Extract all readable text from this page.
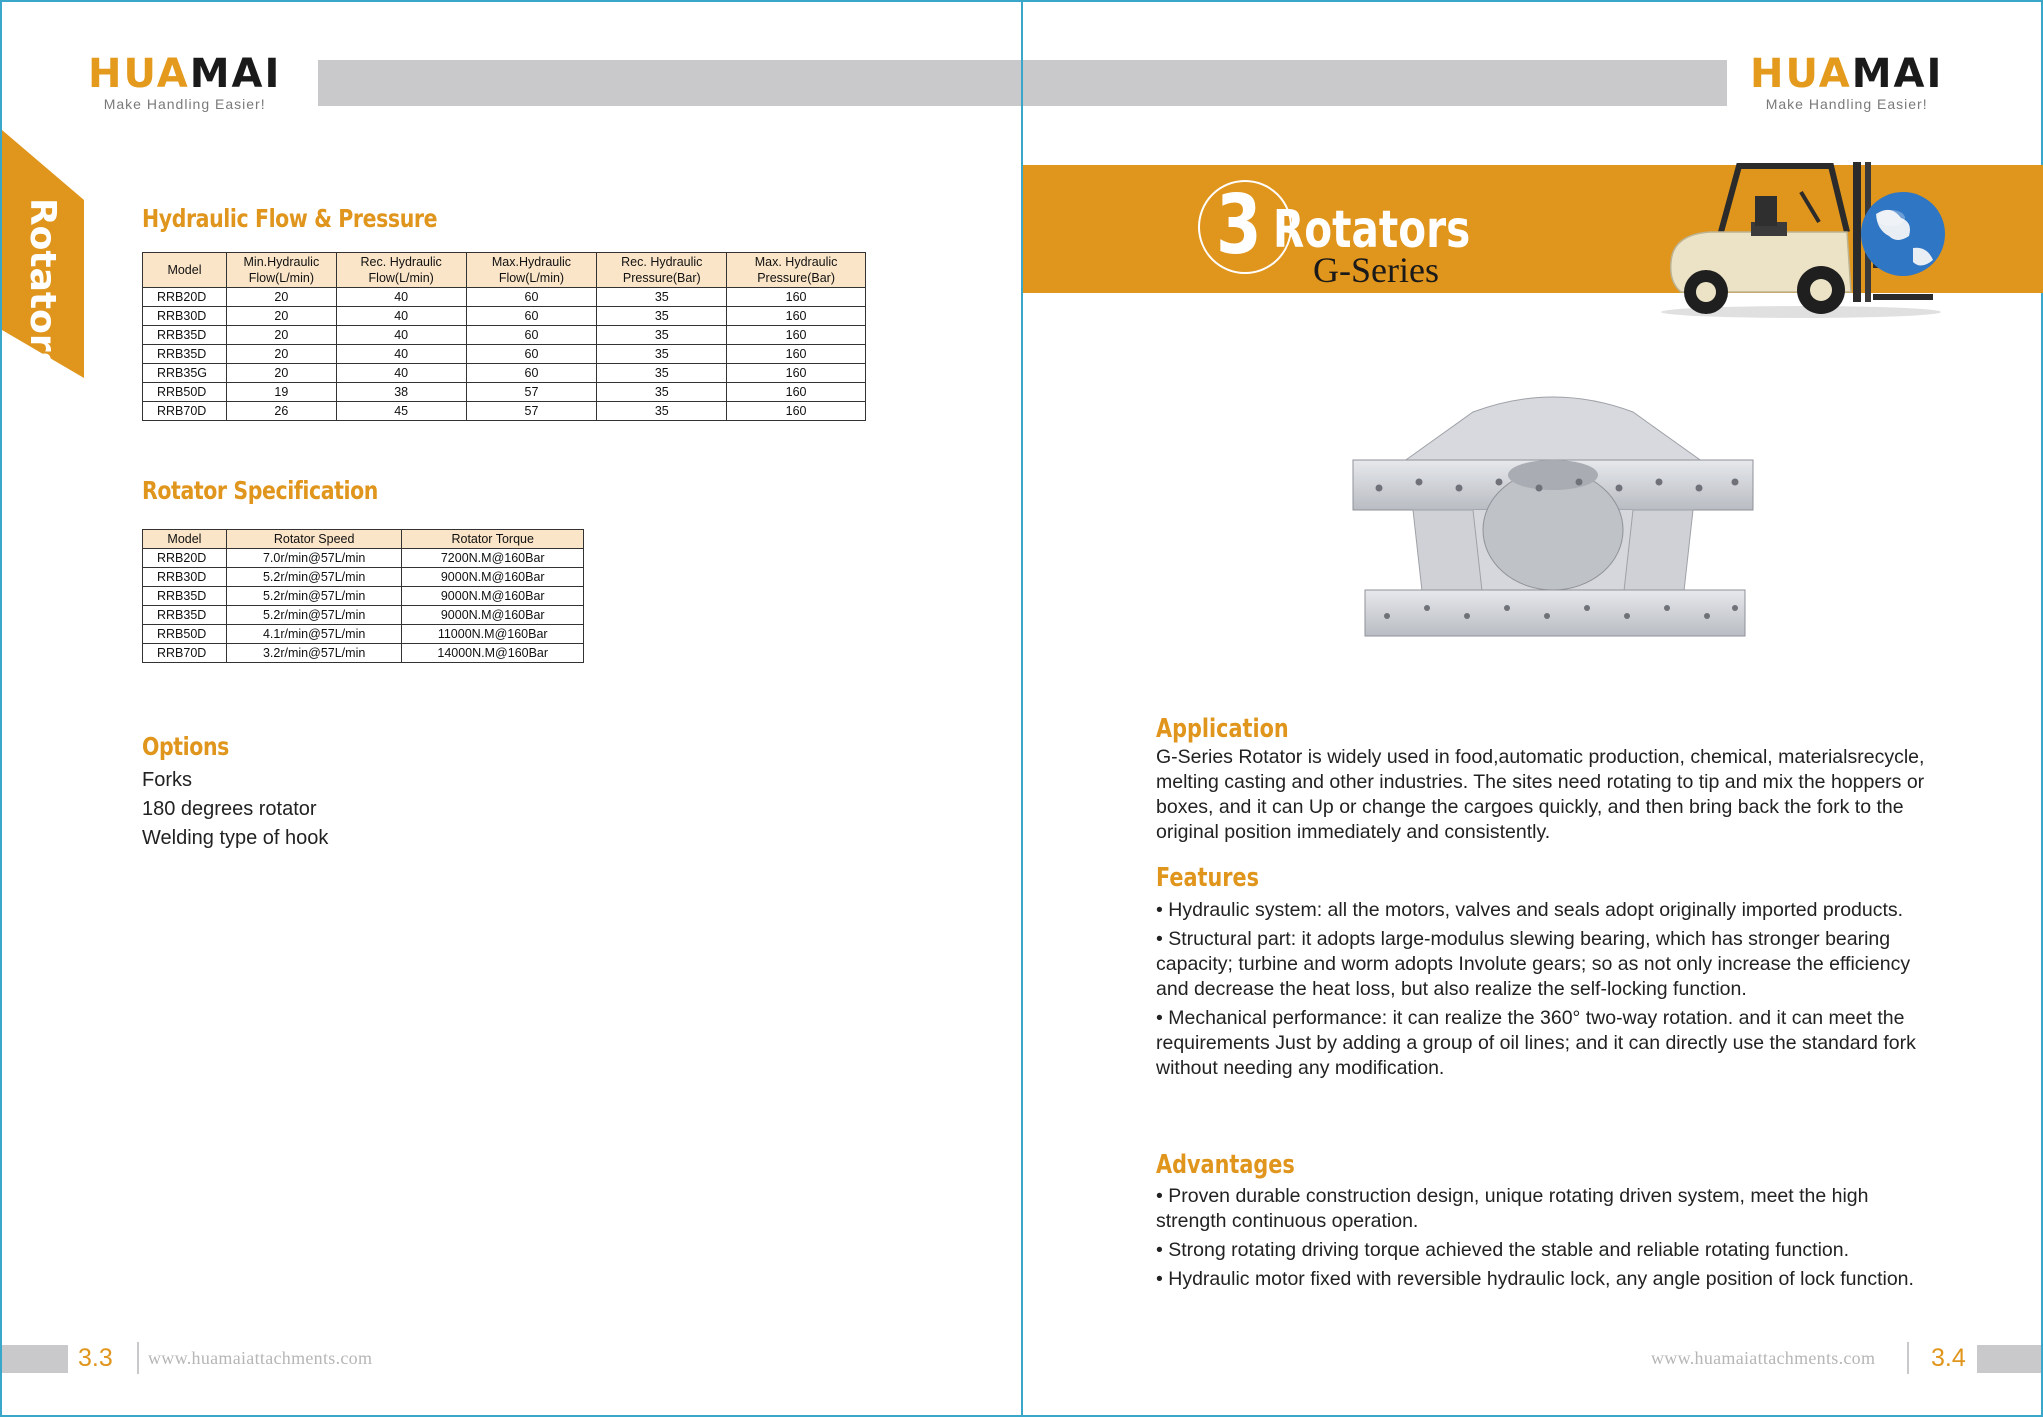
HUAMAI
Make Handling Easier!
Rotators	Hydraulic Flow & Pressure
Model	Min.Hydraulic Flow(L/min)	Rec. Hydraulic Flow(L/min)	Max.Hydraulic Flow(L/min)	Rec. Hydraulic Pressure(Bar)	Max. Hydraulic Pressure(Bar)
RRB20D	20	40	60	35	160
RRB30D	20	40	60	35	160
RRB35D	20	40	60	35	160
RRB35D	20	40	60	35	160
RRB35G	20	40	60	35	160
RRB50D	19	38	57	35	160
RRB70D	26	45	57	35	160
Rotator Specification
Model	Rotator Speed	Rotator Torque
RRB20D	7.0r/min@57L/min	7200N.M@160Bar
RRB30D	5.2r/min@57L/min	9000N.M@160Bar
RRB35D	5.2r/min@57L/min	9000N.M@160Bar
RRB35D	5.2r/min@57L/min	9000N.M@160Bar
RRB50D	4.1r/min@57L/min	11000N.M@160Bar
RRB70D	3.2r/min@57L/min	14000N.M@160Bar
Options
Forks
180 degrees rotator
Welding type of hook
3.3 www.huamaiattachments.com
HUAMAI
Make Handling Easier!
3 Rotators
G-Series
Application

G-Series Rotator is widely used in food,automatic production, chemical, materialsrecycle, melting casting and other industries. The sites need rotating to tip and mix the hoppers or boxes, and it can Up or change the cargoes quickly, and then bring back the fork to the original position immediately and consistently.

Features

• Hydraulic system: all the motors, valves and seals adopt originally imported products.

• Structural part: it adopts large-modulus slewing bearing, which has stronger bearing capacity; turbine and worm adopts Involute gears; so as not only increase the efficiency and decrease the heat loss, but also realize the self-locking function.

• Mechanical performance: it can realize the 360° two-way rotation. and it can meet the requirements Just by adding a group of oil lines; and it can directly use the standard fork without needing any modification.

Advantages

• Proven durable construction design, unique rotating driven system, meet the high strength continuous operation.

• Strong rotating driving torque achieved the stable and reliable rotating function.

• Hydraulic motor fixed with reversible hydraulic lock, any angle position of lock function.

www.huamaiattachments.com 3.4
